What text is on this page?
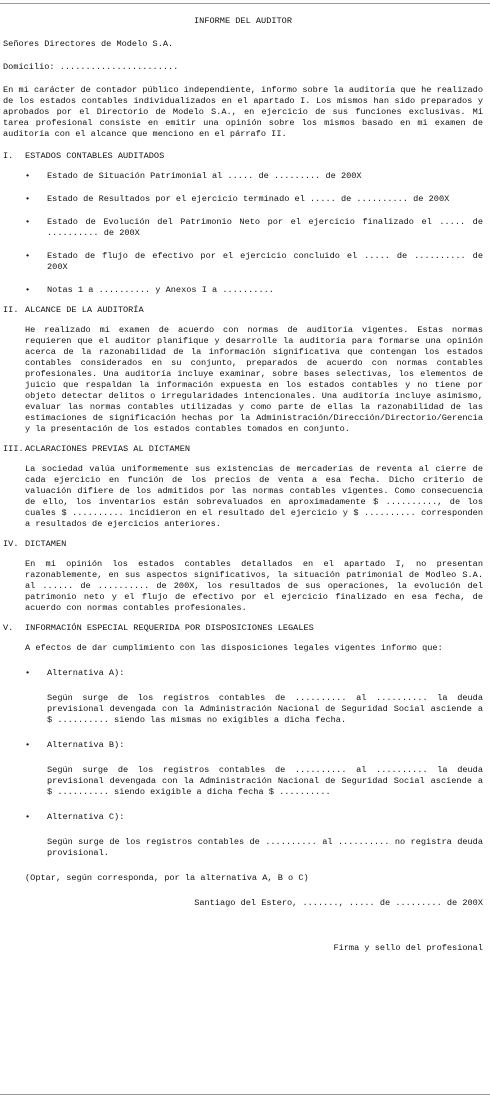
INFORME DEL AUDITOR
Señores Directores de Modelo S.A.
Domicilio: .......................
En mi carácter de contador público independiente, informo sobre la auditoría que he realizado de los estados contables individualizados en el apartado I. Los mismos han sido preparados y aprobados por el Directorio de Modelo S.A., en ejercicio de sus funciones exclusivas. Mi tarea profesional consiste en emitir una opinión sobre los mismos basado en mi examen de auditoría con el alcance que menciono en el párrafo II.
I.	ESTADOS CONTABLES AUDITADOS
•	Estado de Situación Patrimonial al ..... de ......... de 200X
•	Estado de Resultados por el ejercicio terminado el ..... de .......... de 200X
•	Estado de Evolución del Patrimonio Neto por el ejercicio finalizado el ..... de .......... de 200X
•	Estado de flujo de efectivo por el ejercicio concluido el ..... de .......... de 200X
•	Notas 1 a .......... y Anexos I a ..........
II. ALCANCE DE LA AUDITORÍA
He realizado mi examen de acuerdo con normas de auditoría vigentes. Estas normas requieren que el auditor planifique y desarrolle la auditoría para formarse una opinión acerca de la razonabilidad de la información significativa que contengan los estados contables considerados en su conjunto, preparados de acuerdo con normas contables profesionales. Una auditoría incluye examinar, sobre bases selectivas, los elementos de juicio que respaldan la información expuesta en los estados contables y no tiene por objeto detectar delitos o irregularidades intencionales. Una auditoría incluye asimismo, evaluar las normas contables utilizadas y como parte de ellas la razonabilidad de las estimaciones de significación hechas por la Administración/Dirección/Directorio/Gerencia y la presentación de los estados contables tomados en conjunto.
III. ACLARACIONES PREVIAS AL DICTAMEN
La sociedad valúa uniformemente sus existencias de mercaderías de reventa al cierre de cada ejercicio en función de los precios de venta a esa fecha. Dicho criterio de valuación difiere de los admitidos por las normas contables vigentes. Como consecuencia de ello, los inventarios están sobrevaluados en aproximadamente $ .........., de los cuales $ .......... incidieron en el resultado del ejercicio y $ .......... corresponden a resultados de ejercicios anteriores.
IV. DICTAMEN
En mi opinión los estados contables detallados en el apartado I, no presentan razonablemente, en sus aspectos significativos, la situación patrimonial de Modleo S.A. al ...... de .......... de 200X, los resultados de sus operaciones, la evolución del patrimonio neto y el flujo de efectivo por el ejercicio finalizado en esa fecha, de acuerdo con normas contables profesionales.
V.	INFORMACIÓN ESPECIAL REQUERIDA POR DISPOSICIONES LEGALES
A efectos de dar cumplimiento con las disposiciones legales vigentes informo que:
•	Alternativa A):
Según surge de los registros contables de .......... al .......... la deuda previsional devengada con la Administración Nacional de Seguridad Social asciende a $ .......... siendo las mismas no exigibles a dicha fecha.
•	Alternativa B):
Según surge de los registros contables de .......... al .......... la deuda previsional devengada con la Administración Nacional de Seguridad Social asciende a $ .......... siendo exigible a dicha fecha $ ..........
•	Alternativa C):
Según surge de los registros contables de .......... al .......... no registra deuda provisional.
(Optar, según corresponda, por la alternativa A, B o C)
Santiago del Estero, ......., ..... de ......... de 200X
Firma y sello del profesional
